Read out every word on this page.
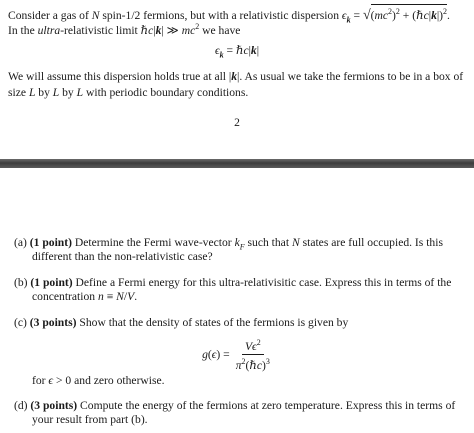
Consider a gas of N spin-1/2 fermions, but with a relativistic dispersion $\epsilon_k = √(mc^2)^2$ + (ℏc|k|)$^2$.
In the ultra-relativistic limit ℏc|k| ≫ $mc^2$ we have
$\epsilon_k$ = ℏc|k|
We will assume this dispersion holds true at all |k|. As usual we take the fermions to be in a box of
size L by L by L with periodic boundary conditions.
2
(a) (1 point) Determine the Fermi wave-vector $k_F$ such that N states are full occupied. Is this
different than the non-relativistic case?
(b) (1 point) Define a Fermi energy for this ultra-relativisitic case. Express this in terms of the
concentration n ≡ N/V.
(c) (3 points) Show that the density of states of the fermions is given by
$g(\epsilon) = \frac{V\epsilon^2}{\pi^2(\hbar c)^3}$
for ϵ > 0 and zero otherwise.
(d) (3 points) Compute the energy of the fermions at zero temperature. Express this in terms of
your result from part (b).
